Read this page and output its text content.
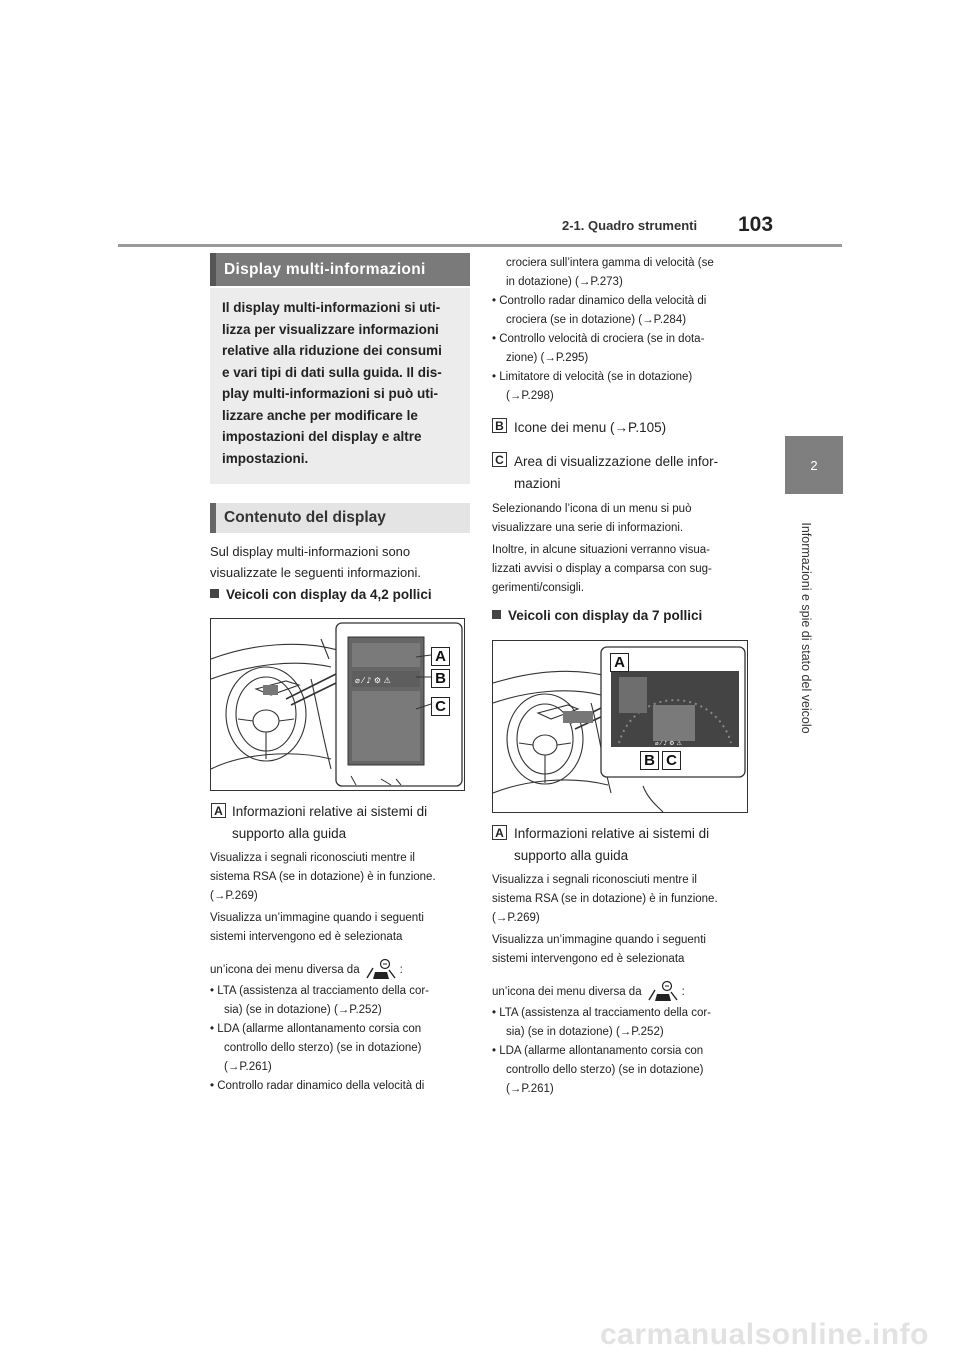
2-1. Quadro strumenti 103
2
Informazioni e spie di stato del veicolo
Display multi-informazioni
Il display multi-informazioni si uti-
lizza per visualizzare informazioni
relative alla riduzione dei consumi
e vari tipi di dati sulla guida. Il dis-
play multi-informazioni si può uti-
lizzare anche per modificare le
impostazioni del display e altre
impostazioni.
Contenuto del display
Sul display multi-informazioni sono
visualizzate le seguenti informazioni.
Veicoli con display da 4,2 pollici
⌀ ⁄ ♪ ⚙ ⚠
A
B
C
A Informazioni relative ai sistemi di
supporto alla guida
Visualizza i segnali riconosciuti mentre il
sistema RSA (se in dotazione) è in funzione.
(→P.269)
Visualizza un’immagine quando i seguenti
sistemi intervengono ed è selezionata
un’icona dei menu diversa da	:
• LTA (assistenza al tracciamento della cor-
sia) (se in dotazione) (→P.252)
• LDA (allarme allontanamento corsia con
controllo dello sterzo) (se in dotazione)
(→P.261)
• Controllo radar dinamico della velocità di
crociera sull’intera gamma di velocità (se
in dotazione) (→P.273)
• Controllo radar dinamico della velocità di
crociera (se in dotazione) (→P.284)
• Controllo velocità di crociera (se in dota-
zione) (→P.295)
• Limitatore di velocità (se in dotazione)
(→P.298)
B Icone dei menu (→P.105)
C Area di visualizzazione delle infor-
mazioni
Selezionando l’icona di un menu si può
visualizzare una serie di informazioni.
Inoltre, in alcune situazioni verranno visua-
lizzati avvisi o display a comparsa con sug-
gerimenti/consigli.
Veicoli con display da 7 pollici
⌀ ⁄ ♪ ⚙ ⚠
A
B C
A Informazioni relative ai sistemi di
supporto alla guida
Visualizza i segnali riconosciuti mentre il
sistema RSA (se in dotazione) è in funzione.
(→P.269)
Visualizza un’immagine quando i seguenti
sistemi intervengono ed è selezionata
un’icona dei menu diversa da	:
• LTA (assistenza al tracciamento della cor-
sia) (se in dotazione) (→P.252)
• LDA (allarme allontanamento corsia con
controllo dello sterzo) (se in dotazione)
(→P.261)
carmanualsonline.info
